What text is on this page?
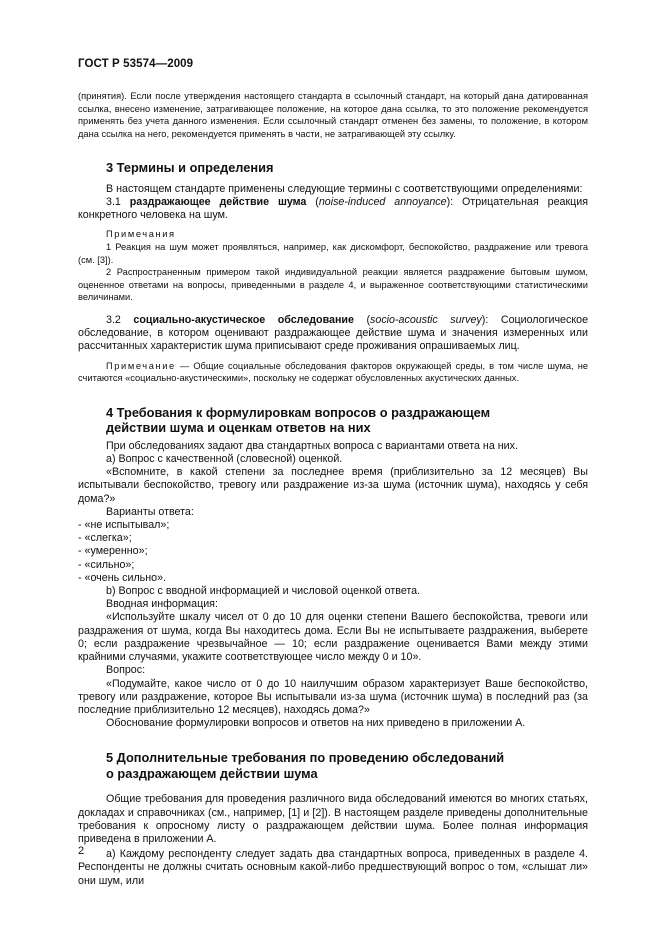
ГОСТ Р 53574—2009

(принятия). Если после утверждения настоящего стандарта в ссылочный стандарт, на который дана датированная ссылка, внесено изменение, затрагивающее положение, на которое дана ссылка, то это положение рекомендуется применять без учета данного изменения. Если ссылочный стандарт отменен без замены, то положение, в котором дана ссылка на него, рекомендуется применять в части, не затрагивающей эту ссылку.

3 Термины и определения

В настоящем стандарте применены следующие термины с соответствующими определениями:

3.1 раздражающее действие шума (noise-induced annoyance): Отрицательная реакция конкретного человека на шум.

Примечания

1 Реакция на шум может проявляться, например, как дискомфорт, беспокойство, раздражение или тревога (см. [3]).

2 Распространенным примером такой индивидуальной реакции является раздражение бытовым шумом, оцененное ответами на вопросы, приведенными в разделе 4, и выраженное соответствующими статистическими величинами.

3.2 социально-акустическое обследование (socio-acoustic survey): Социологическое обследование, в котором оценивают раздражающее действие шума и значения измеренных или рассчитанных характеристик шума приписывают среде проживания опрашиваемых лиц.

Примечание — Общие социальные обследования факторов окружающей среды, в том числе шума, не считаются «социально-акустическими», поскольку не содержат обусловленных акустических данных.

4 Требования к формулировкам вопросов о раздражающем
действии шума и оценкам ответов на них

При обследованиях задают два стандартных вопроса с вариантами ответа на них.

а) Вопрос с качественной (словесной) оценкой.

«Вспомните, в какой степени за последнее время (приблизительно за 12 месяцев) Вы испытывали беспокойство, тревогу или раздражение из-за шума (источник шума), находясь у себя дома?»

Варианты ответа:

- «не испытывал»;

- «слегка»;

- «умеренно»;

- «сильно»;

- «очень сильно».

b) Вопрос с вводной информацией и числовой оценкой ответа.

Вводная информация:

«Используйте шкалу чисел от 0 до 10 для оценки степени Вашего беспокойства, тревоги или раздражения от шума, когда Вы находитесь дома. Если Вы не испытываете раздражения, выберете 0; если раздражение чрезвычайное — 10; если раздражение оценивается Вами между этими крайними случаями, укажите соответствующее число между 0 и 10».

Вопрос:

«Подумайте, какое число от 0 до 10 наилучшим образом характеризует Ваше беспокойство, тревогу или раздражение, которое Вы испытывали из-за шума (источник шума) в последний раз (за последние приблизительно 12 месяцев), находясь дома?»

Обоснование формулировки вопросов и ответов на них приведено в приложении А.

5 Дополнительные требования по проведению обследований
о раздражающем действии шума

Общие требования для проведения различного вида обследований имеются во многих статьях, докладах и справочниках (см., например, [1] и [2]). В настоящем разделе приведены дополнительные требования к опросному листу о раздражающем действии шума. Более полная информация приведена в приложении А.

а) Каждому респонденту следует задать два стандартных вопроса, приведенных в разделе 4. Респонденты не должны считать основным какой-либо предшествующий вопрос о том, «слышат ли» они шум, или

2
